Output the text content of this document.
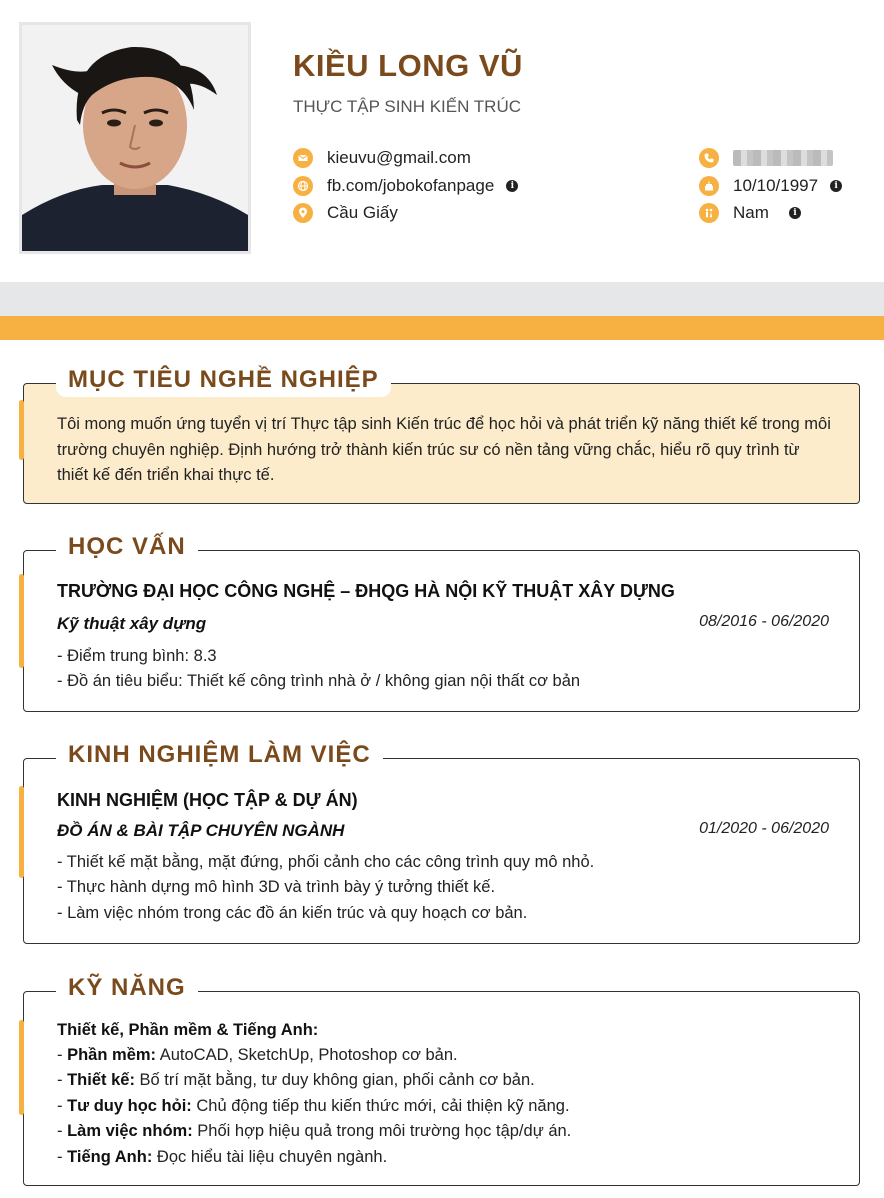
KIỀU LONG VŨ
THỰC TẬP SINH KIẾN TRÚC
kieuvu@gmail.com
fb.com/jobokofanpage	i
Cầu Giấy
10/10/1997	i
Nam	i
Tôi mong muốn ứng tuyển vị trí Thực tập sinh Kiến trúc để học hỏi và phát triển kỹ năng thiết kế trong môi trường chuyên nghiệp. Định hướng trở thành kiến trúc sư có nền tảng vững chắc, hiểu rõ quy trình từ thiết kế đến triển khai thực tế.
MỤC TIÊU NGHỀ NGHIỆP
TRƯỜNG ĐẠI HỌC CÔNG NGHỆ – ĐHQG HÀ NỘI KỸ THUẬT XÂY DỰNG
Kỹ thuật xây dựng	08/2016 - 06/2020
- Điểm trung bình: 8.3
- Đồ án tiêu biểu: Thiết kế công trình nhà ở / không gian nội thất cơ bản
HỌC VẤN
KINH NGHIỆM (HỌC TẬP & DỰ ÁN)
ĐỒ ÁN & BÀI TẬP CHUYÊN NGÀNH	01/2020 - 06/2020
- Thiết kế mặt bằng, mặt đứng, phối cảnh cho các công trình quy mô nhỏ.
- Thực hành dựng mô hình 3D và trình bày ý tưởng thiết kế.
- Làm việc nhóm trong các đồ án kiến trúc và quy hoạch cơ bản.
KINH NGHIỆM LÀM VIỆC
Thiết kế, Phần mềm & Tiếng Anh:
- Phần mềm: AutoCAD, SketchUp, Photoshop cơ bản.
- Thiết kế: Bố trí mặt bằng, tư duy không gian, phối cảnh cơ bản.
- Tư duy học hỏi: Chủ động tiếp thu kiến thức mới, cải thiện kỹ năng.
- Làm việc nhóm: Phối hợp hiệu quả trong môi trường học tập/dự án.
- Tiếng Anh: Đọc hiểu tài liệu chuyên ngành.
KỸ NĂNG
